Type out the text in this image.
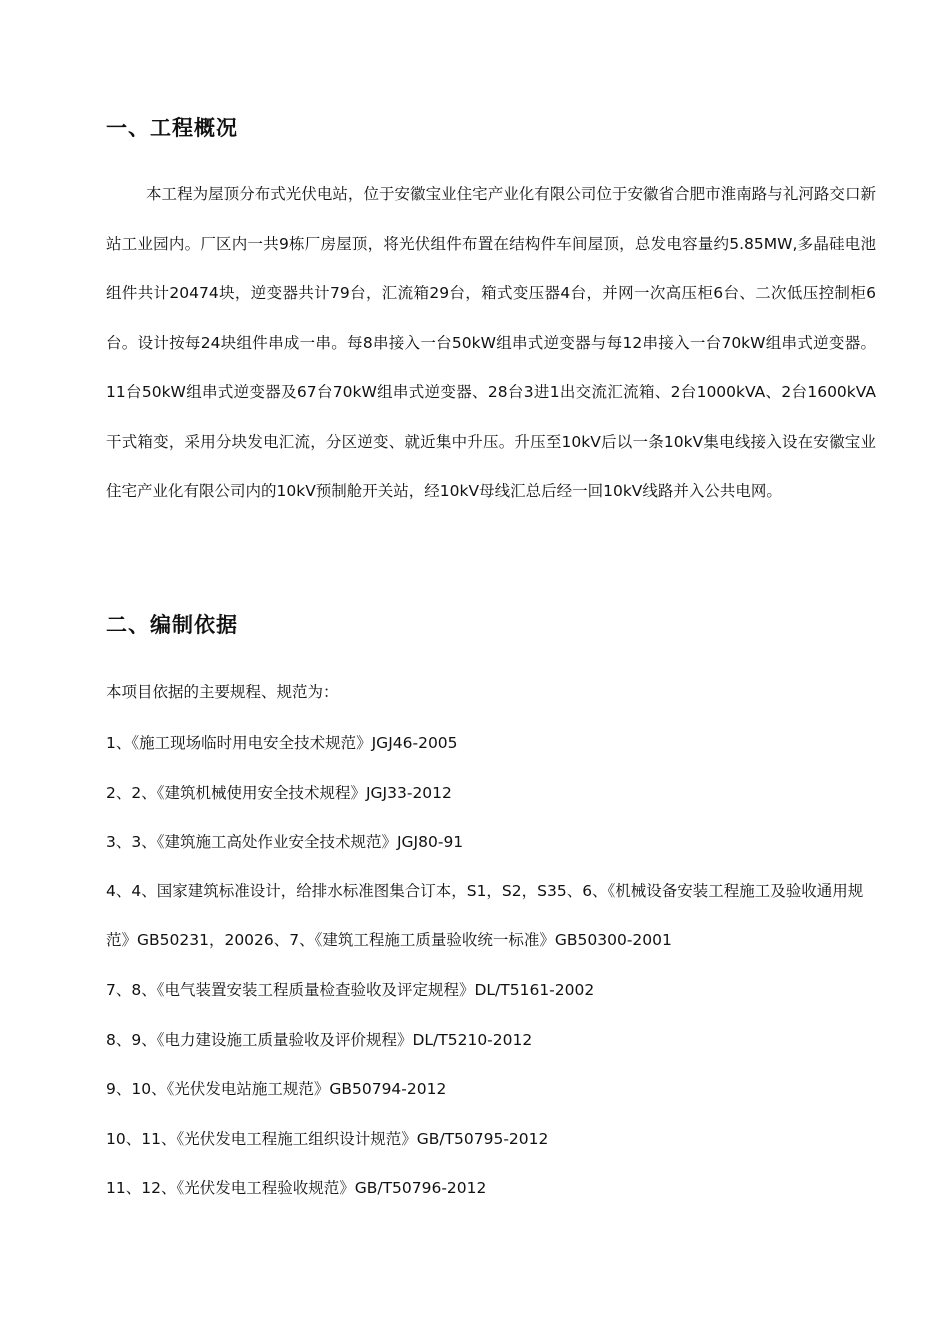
一、工程概况

本工程为屋顶分布式光伏电站，位于安徽宝业住宅产业化有限公司位于安徽省合肥市淮南路与礼河路交口新站工业园内。厂区内一共9栋厂房屋顶，将光伏组件布置在结构件车间屋顶，总发电容量约5.85MW,多晶硅电池组件共计20474块，逆变器共计79台，汇流箱29台，箱式变压器4台，并网一次高压柜6台、二次低压控制柜6台。设计按每24块组件串成一串。每8串接入一台50kW组串式逆变器与每12串接入一台70kW组串式逆变器。11台50kW组串式逆变器及67台70kW组串式逆变器、28台3进1出交流汇流箱、2台1000kVA、2台1600kVA干式箱变，采用分块发电汇流，分区逆变、就近集中升压。升压至10kV后以一条10kV集电线接入设在安徽宝业住宅产业化有限公司内的10kV预制舱开关站，经10kV母线汇总后经一回10kV线路并入公共电网。

二、编制依据

本项目依据的主要规程、规范为：

1、《施工现场临时用电安全技术规范》JGJ46-2005
2、2、《建筑机械使用安全技术规程》JGJ33-2012
3、3、《建筑施工高处作业安全技术规范》JGJ80-91
4、4、国家建筑标准设计，给排水标准图集合订本，S1，S2，S35、6、《机械设备安装工程施工及验收通用规范》GB50231，20026、7、《建筑工程施工质量验收统一标准》GB50300-2001
7、8、《电气装置安装工程质量检查验收及评定规程》DL/T5161-2002
8、9、《电力建设施工质量验收及评价规程》DL/T5210-2012
9、10、《光伏发电站施工规范》GB50794-2012
10、11、《光伏发电工程施工组织设计规范》GB/T50795-2012
11、12、《光伏发电工程验收规范》GB/T50796-2012
